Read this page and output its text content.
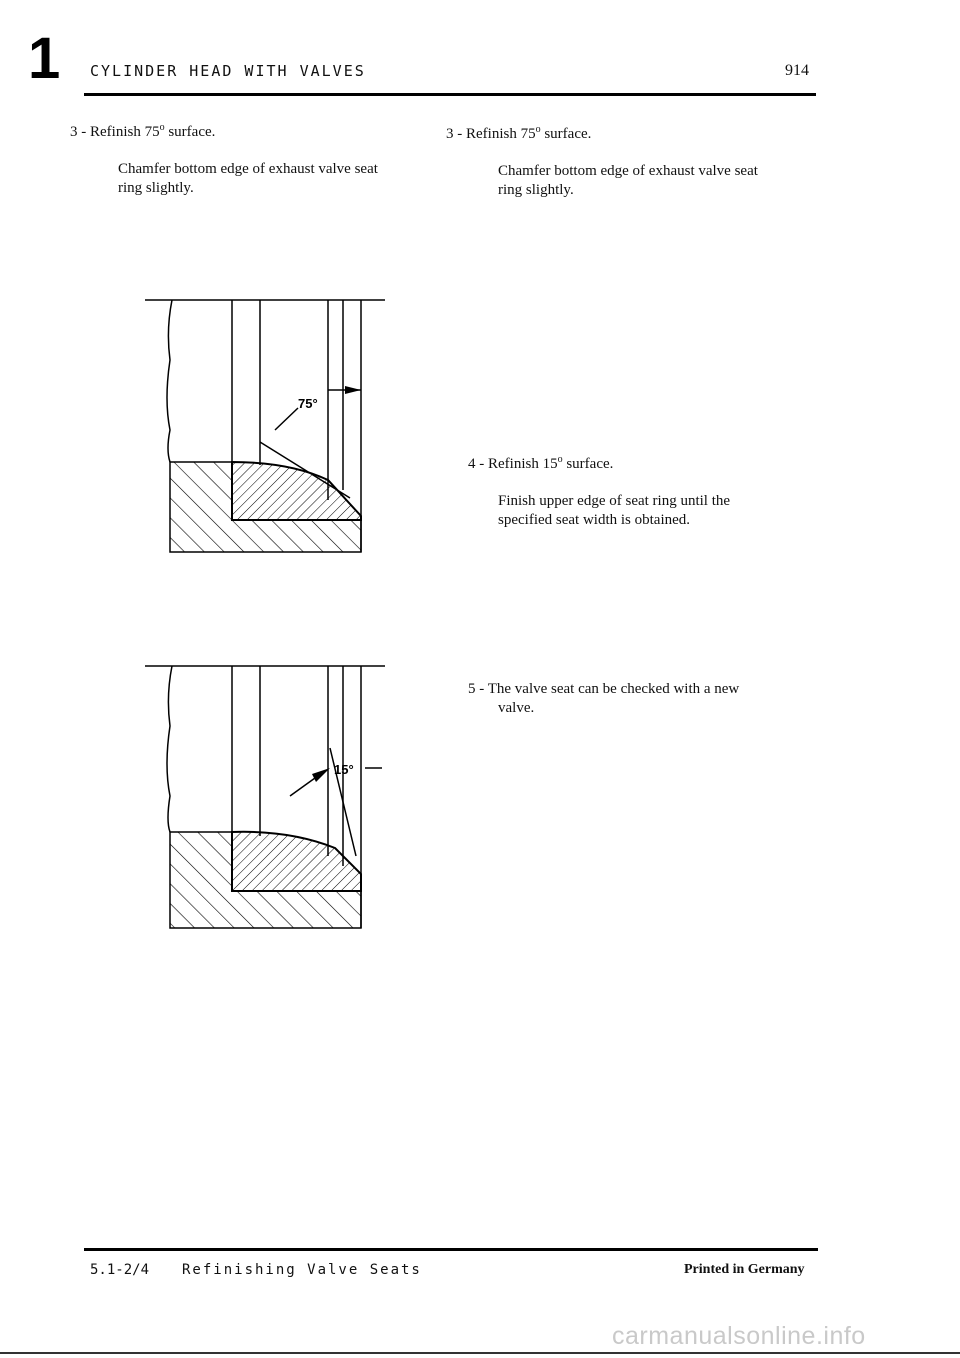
1 CYLINDER HEAD WITH VALVES	914
3 - Refinish 75$^o$ surface.
Chamfer bottom edge of exhaust valve seat
ring slightly.
3 - Refinish 75$^o$ surface.
Chamfer bottom edge of exhaust valve seat
ring slightly.
4 - Refinish 15$^o$ surface.
Finish upper edge of seat ring until the
specified seat width is obtained.
5 - The valve seat can be checked with a new
valve.
75°
15°
5.1-2/4 Refinishing Valve Seats	Printed in Germany
carmanualsonline.info
